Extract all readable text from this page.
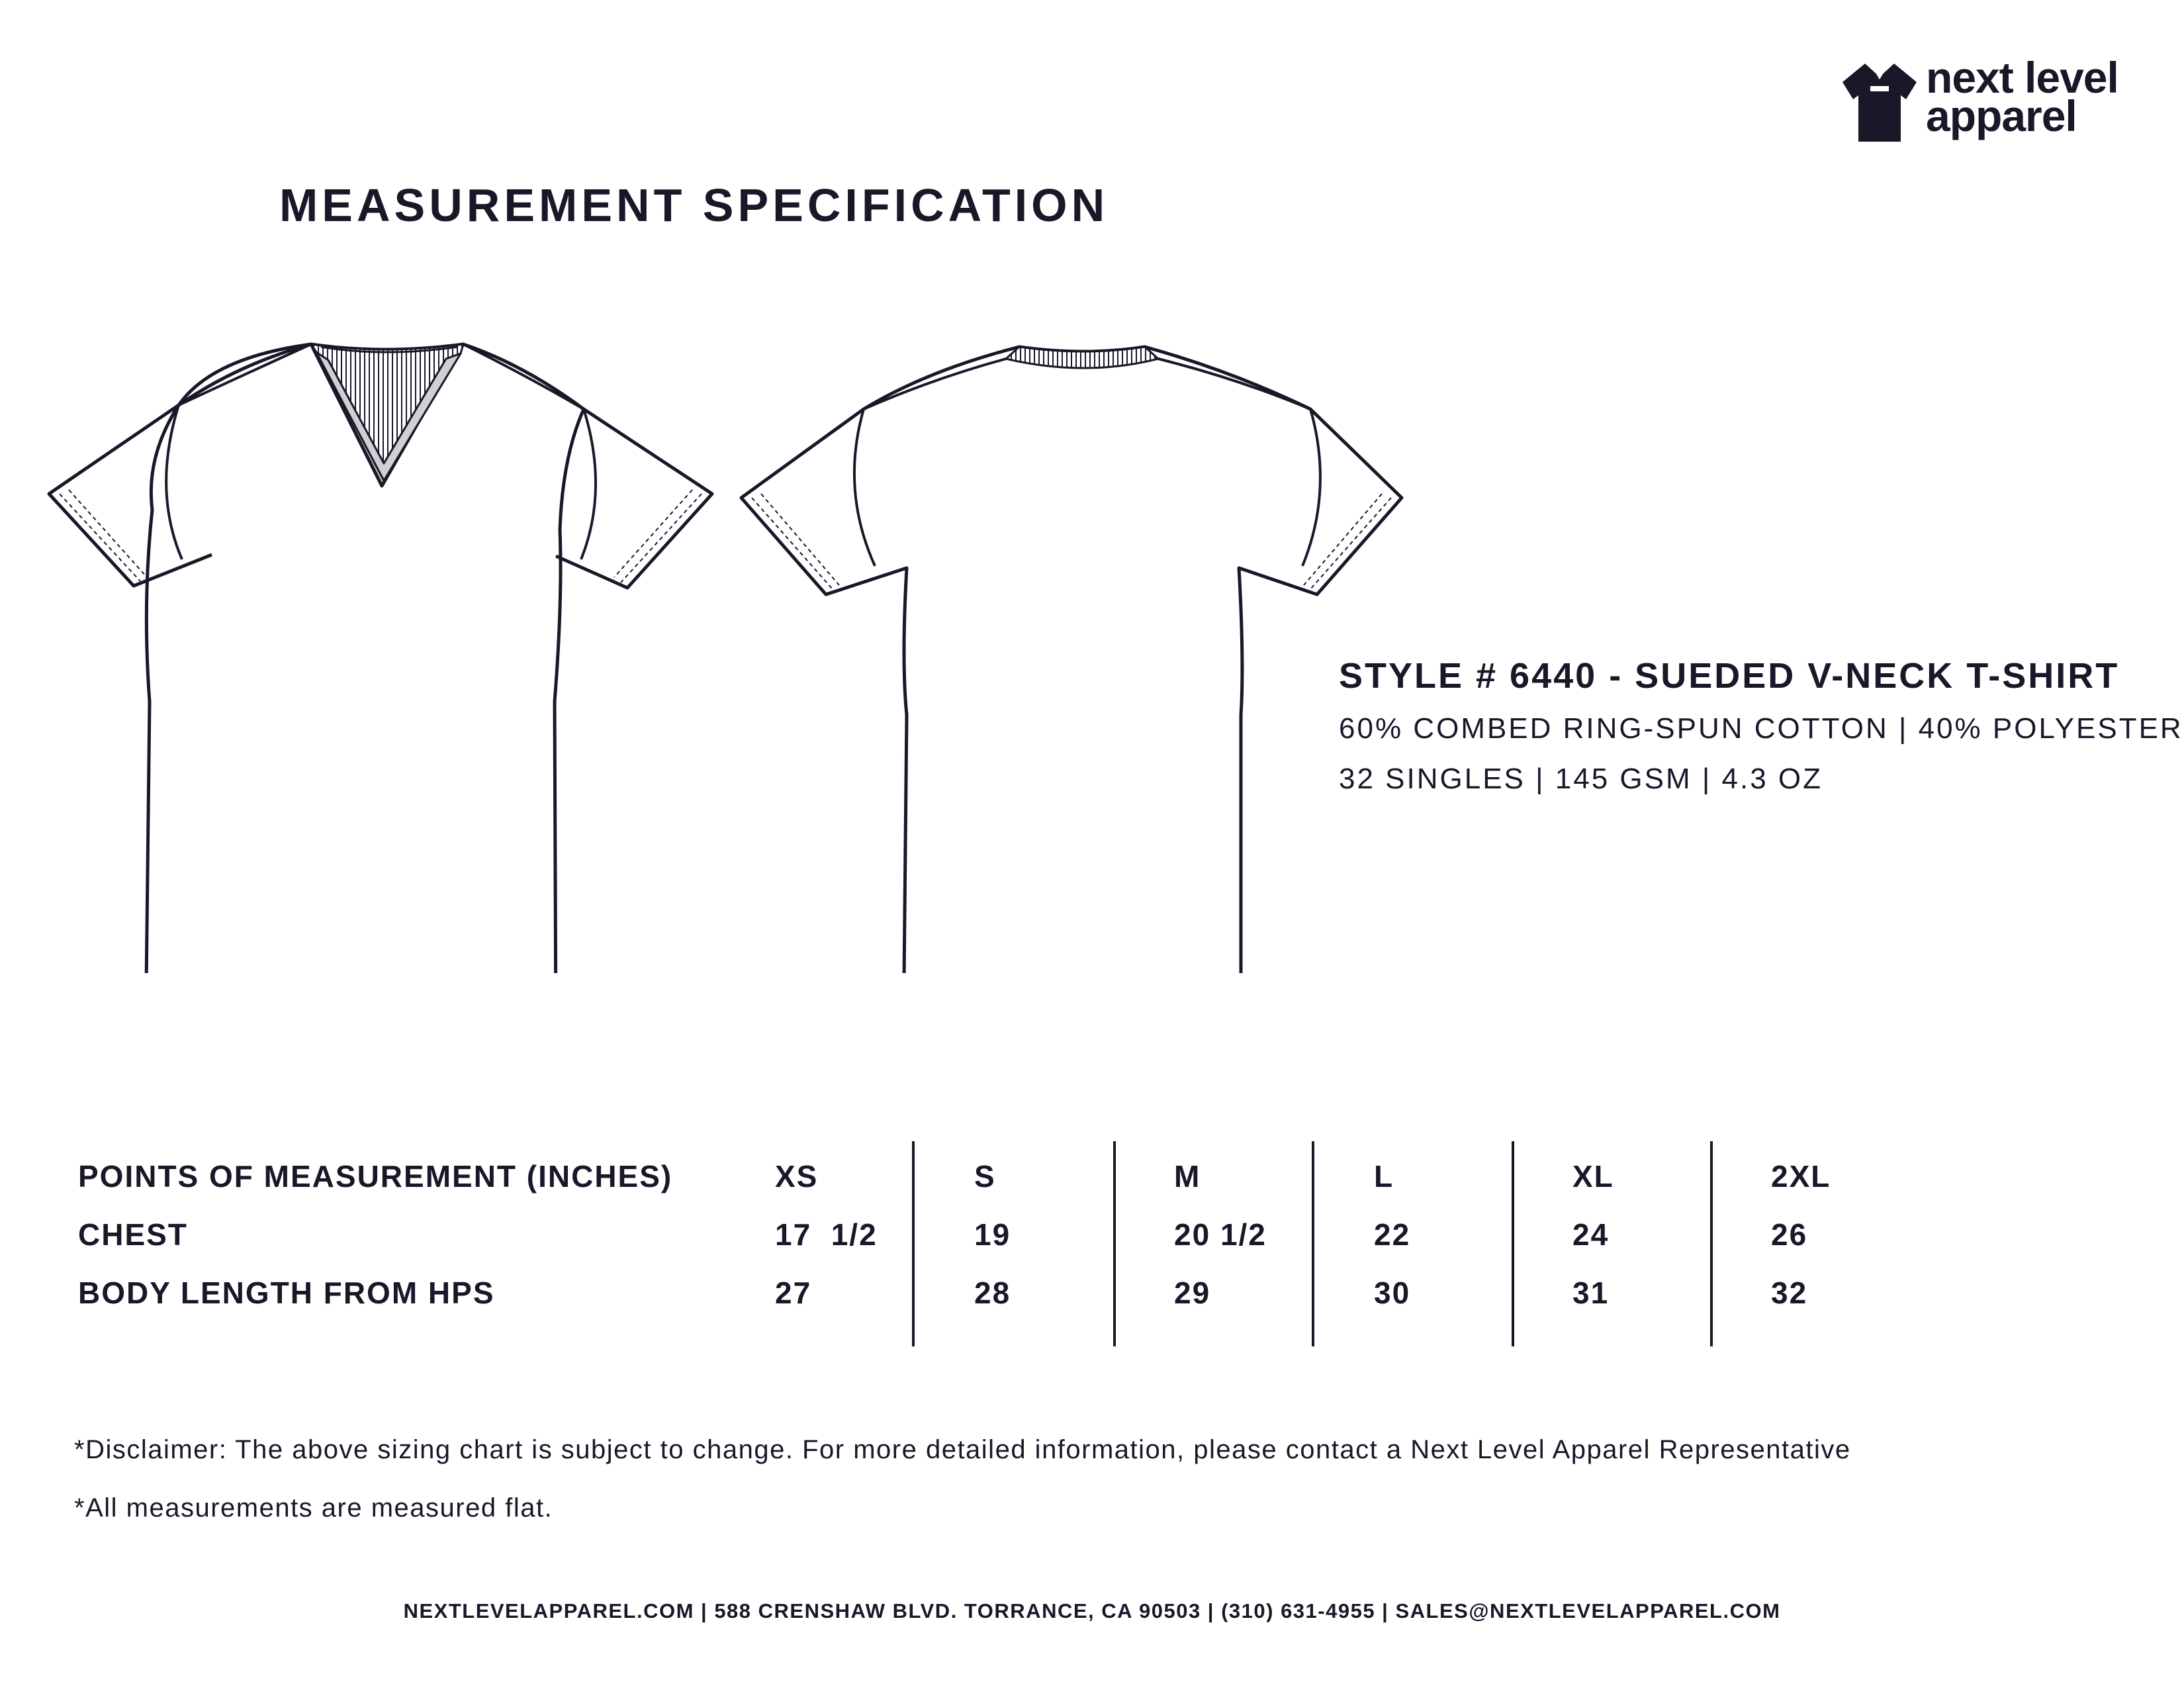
next level
apparel
MEASUREMENT SPECIFICATION
STYLE # 6440 - SUEDED V-NECK T-SHIRT
60% COMBED RING-SPUN COTTON | 40% POLYESTER
32 SINGLES | 145 GSM | 4.3 OZ
POINTS OF MEASUREMENT (INCHES)	XS	S	M	L	XL	2XL
CHEST	17  1/2	19	20 1/2	22	24	26
BODY LENGTH FROM HPS	27	28	29	30	31	32
*Disclaimer: The above sizing chart is subject to change. For more detailed information, please contact a Next Level Apparel Representative
*All measurements are measured flat.
NEXTLEVELAPPAREL.COM | 588 CRENSHAW BLVD. TORRANCE, CA 90503 | (310) 631-4955 | SALES@NEXTLEVELAPPAREL.COM
